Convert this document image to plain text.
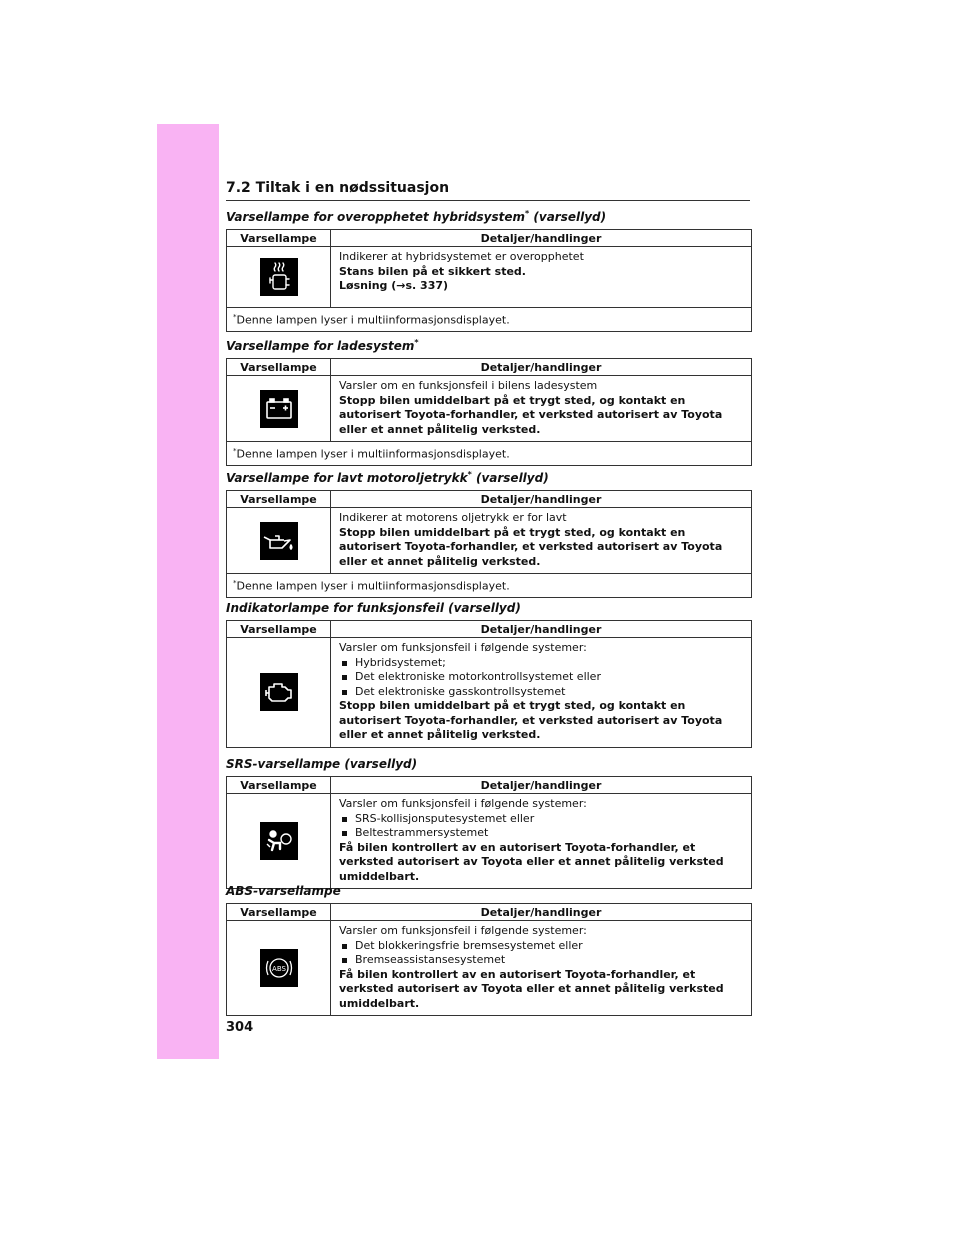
7.2 Tiltak i en nødssituasjon
Varsellampe for overopphetet hybridsystem* (varsellyd)
Varsellampe	Detaljer/handlinger

Indikerer at hybridsystemet er overopphetet
Stans bilen på et sikkert sted.
Løsning (→s. 337)

*Denne lampen lyser i multiinformasjonsdisplayet.	
Varsellampe for ladesystem*
Varsellampe	Detaljer/handlinger

Varsler om en funksjonsfeil i bilens ladesystem
Stopp bilen umiddelbart på et trygt sted, og kontakt en autorisert Toyota-forhandler, et verksted autorisert av Toyota eller et annet pålitelig verksted.

*Denne lampen lyser i multiinformasjonsdisplayet.	
Varsellampe for lavt motoroljetrykk* (varsellyd)
Varsellampe	Detaljer/handlinger

Indikerer at motorens oljetrykk er for lavt
Stopp bilen umiddelbart på et trygt sted, og kontakt en autorisert Toyota-forhandler, et verksted autorisert av Toyota eller et annet pålitelig verksted.

*Denne lampen lyser i multiinformasjonsdisplayet.	
Indikatorlampe for funksjonsfeil (varsellyd)
Varsellampe	Detaljer/handlinger

Varsler om funksjonsfeil i følgende systemer:
Hybridsystemet;
Det elektroniske motorkontrollsystemet eller
Det elektroniske gasskontrollsystemet
Stopp bilen umiddelbart på et trygt sted, og kontakt en autorisert Toyota-forhandler, et verksted autorisert av Toyota eller et annet pålitelig verksted.
SRS-varsellampe (varsellyd)
Varsellampe	Detaljer/handlinger

Varsler om funksjonsfeil i følgende systemer:
SRS-kollisjonsputesystemet eller
Beltestrammersystemet
Få bilen kontrollert av en autorisert Toyota-forhandler, et verksted autorisert av Toyota eller et annet pålitelig verksted umiddelbart.
ABS-varsellampe
Varsellampe	Detaljer/handlinger

ABS	Varsler om funksjonsfeil i følgende systemer:
Det blokkeringsfrie bremsesystemet eller
Bremseassistansesystemet
Få bilen kontrollert av en autorisert Toyota-forhandler, et verksted autorisert av Toyota eller et annet pålitelig verksted umiddelbart.
304
